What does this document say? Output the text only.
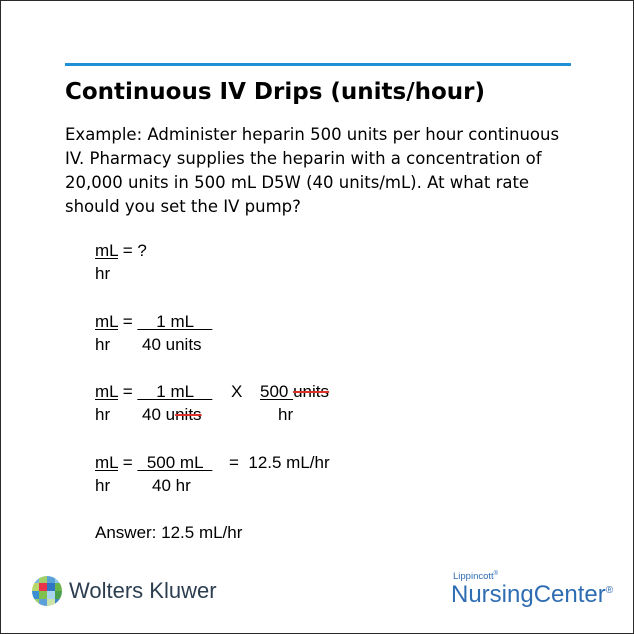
Continuous IV Drips (units/hour)
Example: Administer heparin 500 units per hour continuous
IV. Pharmacy supplies the heparin with a concentration of
20,000 units in 500 mL D5W (40 units/mL). At what rate
should you set the IV pump?
mL = ?
hr
mL =     1 mL
hr 40 units
mL =     1 mL X 500 units
hr 40 units	hr
mL =   500 mL =  12.5 mL/hr
hr 40 hr
Answer: 12.5 mL/hr
Wolters Kluwer
Lippincott®
NursingCenter®
